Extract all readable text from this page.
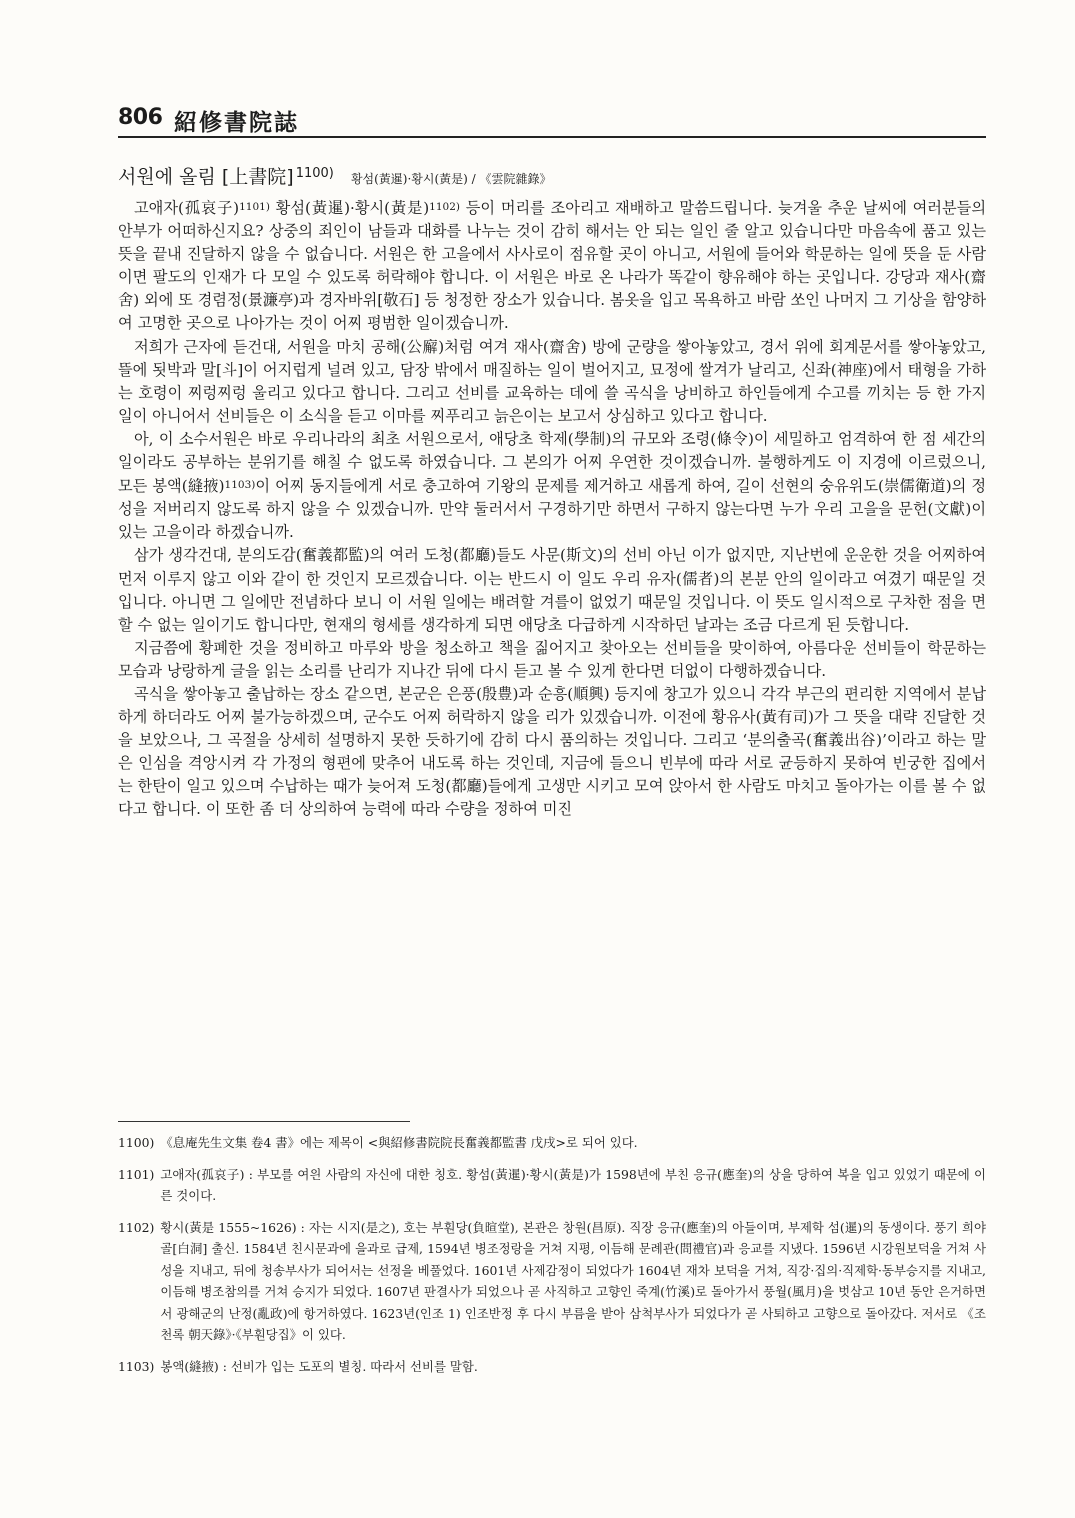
806 紹修書院誌
서원에 올림 [上書院] $^{1100)}$ 황섬(黃暹)·황시(黃是) / 《雲院雜錄》

고애자(孤哀子)1101) 황섬(黃暹)·황시(黃是)1102) 등이 머리를 조아리고 재배하고 말씀드립니다. 늦겨울 추운 날씨에 여러분들의 안부가 어떠하신지요? 상중의 죄인이 남들과 대화를 나누는 것이 감히 해서는 안 되는 일인 줄 알고 있습니다만 마음속에 품고 있는 뜻을 끝내 진달하지 않을 수 없습니다. 서원은 한 고을에서 사사로이 점유할 곳이 아니고, 서원에 들어와 학문하는 일에 뜻을 둔 사람이면 팔도의 인재가 다 모일 수 있도록 허락해야 합니다. 이 서원은 바로 온 나라가 똑같이 향유해야 하는 곳입니다. 강당과 재사(齋舍) 외에 또 경렴정(景濂亭)과 경자바위[敬石] 등 청정한 장소가 있습니다. 봄옷을 입고 목욕하고 바람 쏘인 나머지 그 기상을 함양하여 고명한 곳으로 나아가는 것이 어찌 평범한 일이겠습니까.

저희가 근자에 듣건대, 서원을 마치 공해(公廨)처럼 여겨 재사(齋舍) 방에 군량을 쌓아놓았고, 경서 위에 회계문서를 쌓아놓았고, 뜰에 됫박과 말[斗]이 어지럽게 널려 있고, 담장 밖에서 매질하는 일이 벌어지고, 묘정에 쌀겨가 날리고, 신좌(神座)에서 태형을 가하는 호령이 찌렁찌렁 울리고 있다고 합니다. 그리고 선비를 교육하는 데에 쓸 곡식을 낭비하고 하인들에게 수고를 끼치는 등 한 가지 일이 아니어서 선비들은 이 소식을 듣고 이마를 찌푸리고 늙은이는 보고서 상심하고 있다고 합니다.

아, 이 소수서원은 바로 우리나라의 최초 서원으로서, 애당초 학제(學制)의 규모와 조령(條令)이 세밀하고 엄격하여 한 점 세간의 일이라도 공부하는 분위기를 해칠 수 없도록 하였습니다. 그 본의가 어찌 우연한 것이겠습니까. 불행하게도 이 지경에 이르렀으니, 모든 봉액(縫掖)1103)이 어찌 동지들에게 서로 충고하여 기왕의 문제를 제거하고 새롭게 하여, 길이 선현의 숭유위도(崇儒衛道)의 정성을 저버리지 않도록 하지 않을 수 있겠습니까. 만약 둘러서서 구경하기만 하면서 구하지 않는다면 누가 우리 고을을 문헌(文獻)이 있는 고을이라 하겠습니까.

삼가 생각건대, 분의도감(奮義都監)의 여러 도청(都廳)들도 사문(斯文)의 선비 아닌 이가 없지만, 지난번에 운운한 것을 어찌하여 먼저 이루지 않고 이와 같이 한 것인지 모르겠습니다. 이는 반드시 이 일도 우리 유자(儒者)의 본분 안의 일이라고 여겼기 때문일 것입니다. 아니면 그 일에만 전념하다 보니 이 서원 일에는 배려할 겨를이 없었기 때문일 것입니다. 이 뜻도 일시적으로 구차한 점을 면할 수 없는 일이기도 합니다만, 현재의 형세를 생각하게 되면 애당초 다급하게 시작하던 날과는 조금 다르게 된 듯합니다.

지금쯤에 황폐한 것을 정비하고 마루와 방을 청소하고 책을 짊어지고 찾아오는 선비들을 맞이하여, 아름다운 선비들이 학문하는 모습과 낭랑하게 글을 읽는 소리를 난리가 지나간 뒤에 다시 듣고 볼 수 있게 한다면 더없이 다행하겠습니다.

곡식을 쌓아놓고 출납하는 장소 같으면, 본군은 은풍(殷豊)과 순흥(順興) 등지에 창고가 있으니 각각 부근의 편리한 지역에서 분납하게 하더라도 어찌 불가능하겠으며, 군수도 어찌 허락하지 않을 리가 있겠습니까. 이전에 황유사(黃有司)가 그 뜻을 대략 진달한 것을 보았으나, 그 곡절을 상세히 설명하지 못한 듯하기에 감히 다시 품의하는 것입니다. 그리고 ‘분의출곡(奮義出谷)’이라고 하는 말은 인심을 격앙시켜 각 가정의 형편에 맞추어 내도록 하는 것인데, 지금에 들으니 빈부에 따라 서로 균등하지 못하여 빈궁한 집에서는 한탄이 일고 있으며 수납하는 때가 늦어져 도청(都廳)들에게 고생만 시키고 모여 앉아서 한 사람도 마치고 돌아가는 이를 볼 수 없다고 합니다. 이 또한 좀 더 상의하여 능력에 따라 수량을 정하여 미진

1100) 《息庵先生文集 卷4 書》에는 제목이 <與紹修書院院長奮義都監書 戊戌>로 되어 있다.
1101) 고애자(孤哀子) : 부모를 여읜 사람의 자신에 대한 칭호. 황섬(黃暹)·황시(黃是)가 1598년에 부친 응규(應奎)의 상을 당하여 복을 입고 있었기 때문에 이른 것이다.
1102) 황시(黃是 1555~1626) : 자는 시지(是之), 호는 부훤당(負暄堂), 본관은 창원(昌原). 직장 응규(應奎)의 아들이며, 부제학 섬(暹)의 동생이다. 풍기 희야골[白洞] 출신. 1584년 친시문과에 을과로 급제, 1594년 병조정랑을 거쳐 지평, 이듬해 문례관(問禮官)과 응교를 지냈다. 1596년 시강원보덕을 거쳐 사성을 지내고, 뒤에 청송부사가 되어서는 선정을 베풀었다. 1601년 사제감정이 되었다가 1604년 재차 보덕을 거쳐, 직강·집의·직제학·동부승지를 지내고, 이듬해 병조참의를 거쳐 승지가 되었다. 1607년 판결사가 되었으나 곧 사직하고 고향인 죽계(竹溪)로 돌아가서 풍월(風月)을 벗삼고 10년 동안 은거하면서 광해군의 난정(亂政)에 항거하였다. 1623년(인조 1) 인조반정 후 다시 부름을 받아 삼척부사가 되었다가 곧 사퇴하고 고향으로 돌아갔다. 저서로 《조천록 朝天錄》·《부훤당집》이 있다.
1103) 봉액(縫掖) : 선비가 입는 도포의 별칭. 따라서 선비를 말함.
